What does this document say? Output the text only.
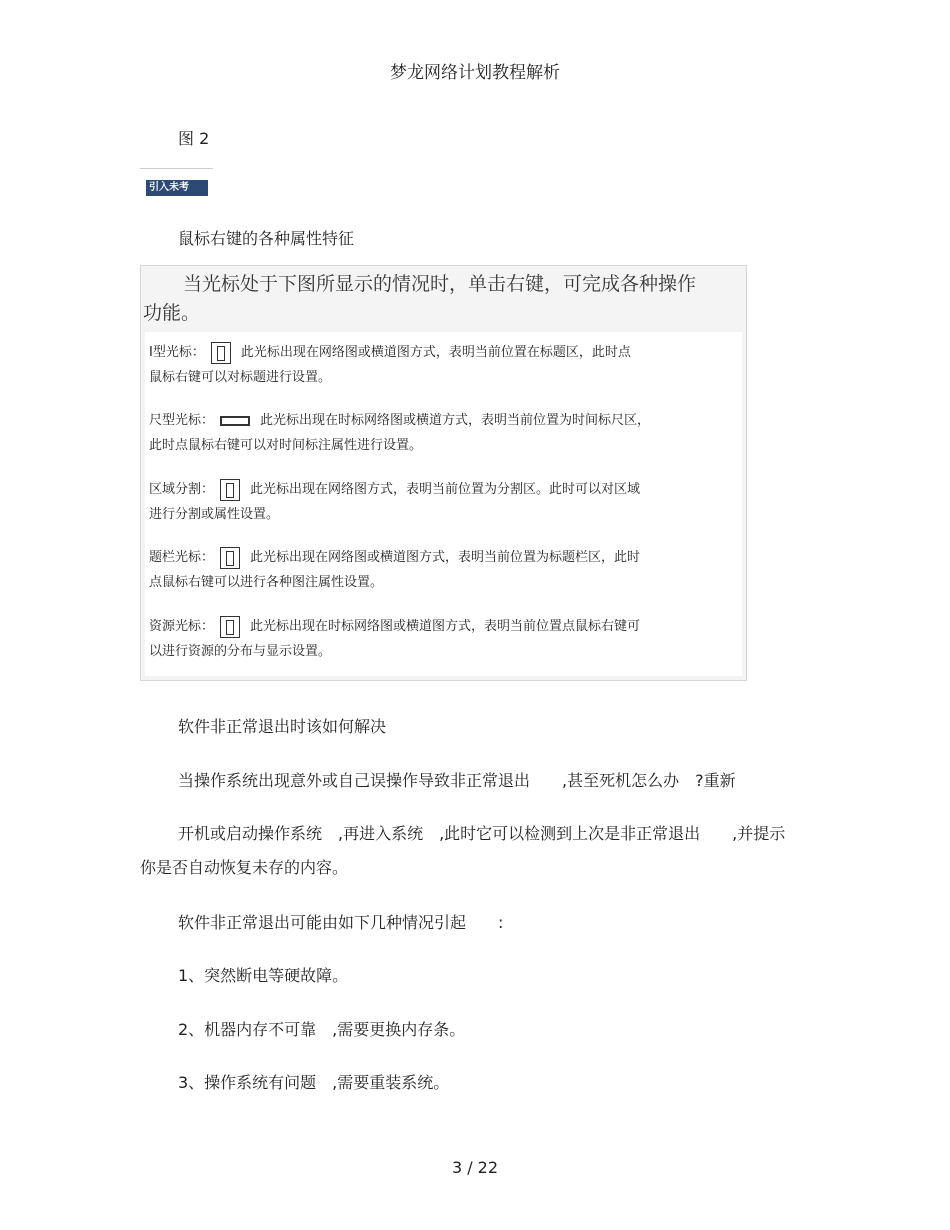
梦龙网络计划教程解析
图 2
引入未考
鼠标右键的各种属性特征
当光标处于下图所显示的情况时，单击右键，可完成各种操作
功能。
I型光标：	此光标出现在网络图或横道图方式，表明当前位置在标题区，此时点
鼠标右键可以对标题进行设置。
尺型光标：	此光标出现在时标网络图或横道方式，表明当前位置为时间标尺区，
此时点鼠标右键可以对时间标注属性进行设置。
区域分割：	此光标出现在网络图方式，表明当前位置为分割区。此时可以对区域
进行分割或属性设置。
题栏光标：	此光标出现在网络图或横道图方式，表明当前位置为标题栏区，此时
点鼠标右键可以进行各种图注属性设置。
资源光标：	此光标出现在时标网络图或横道图方式，表明当前位置点鼠标右键可
以进行资源的分布与显示设置。
软件非正常退出时该如何解决
当操作系统出现意外或自己误操作导致非正常退出　　,甚至死机怎么办　?重新
开机或启动操作系统　,再进入系统　,此时它可以检测到上次是非正常退出　　,并提示
你是否自动恢复未存的内容。
软件非正常退出可能由如下几种情况引起　　:
1、突然断电等硬故障。
2、机器内存不可靠　,需要更换内存条。
3、操作系统有问题　,需要重装系统。
3 / 22
